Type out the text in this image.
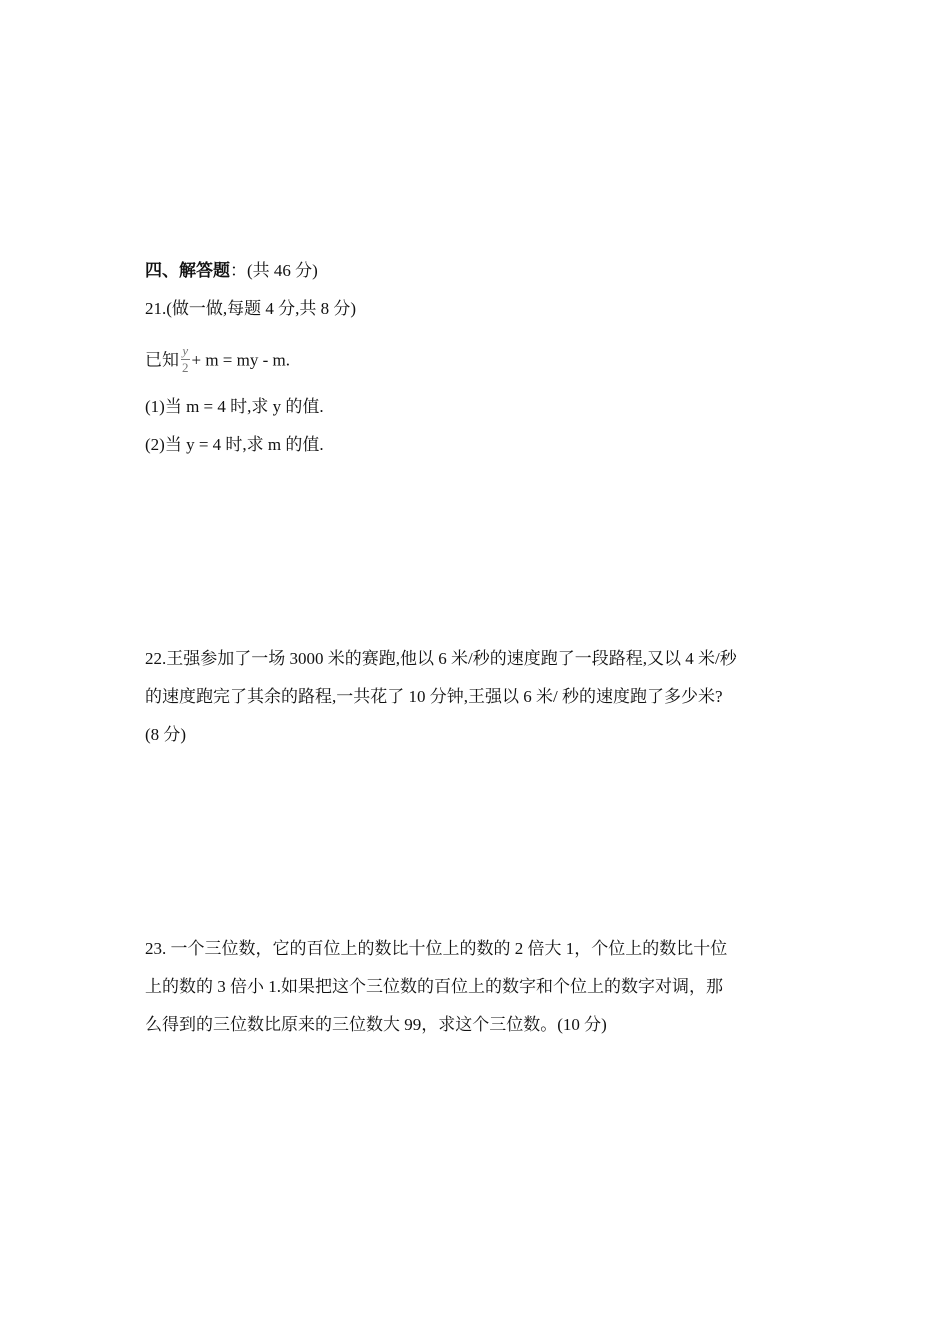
四、解答题：(共 46 分)
21.(做一做,每题 4 分,共 8 分)
已知 $\frac{y}{2} + m$ = my - m.
(1)当 m = 4 时,求 y 的值.
(2)当 y = 4 时,求 m 的值.
22.王强参加了一场 3000 米的赛跑,他以 6 米/秒的速度跑了一段路程,又以 4 米/秒
的速度跑完了其余的路程,一共花了 10 分钟,王强以 6 米/ 秒的速度跑了多少米?
(8 分)
23. 一个三位数，它的百位上的数比十位上的数的 2 倍大 1，个位上的数比十位
上的数的 3 倍小 1.如果把这个三位数的百位上的数字和个位上的数字对调，那
么得到的三位数比原来的三位数大 99，求这个三位数。(10 分)
